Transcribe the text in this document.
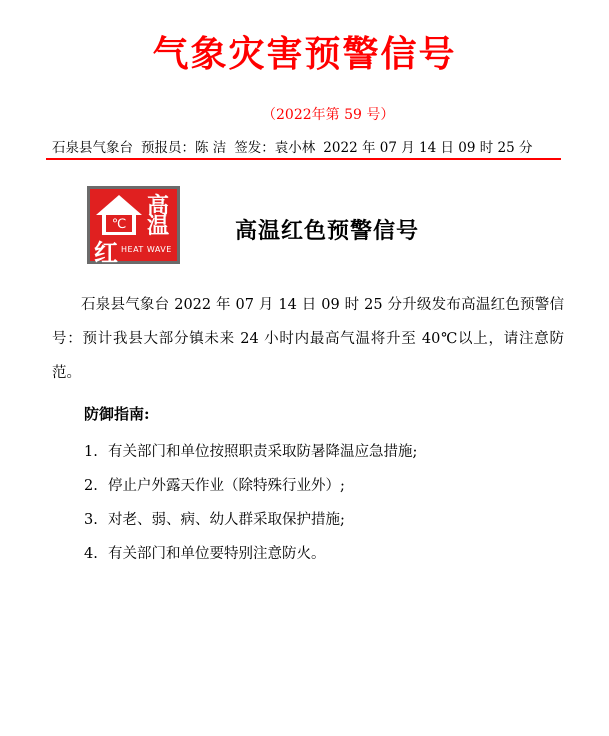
气象灾害预警信号
（2022年第 59 号）
石泉县气象台 预报员：陈 洁 签发：袁小林 2022 年 07 月 14 日 09 时 25 分
℃
高
温
红 HEAT WAVE
高温红色预警信号

石泉县气象台 2022 年 07 月 14 日 09 时 25 分升级发布高温红色预警信号：预计我县大部分镇未来 24 小时内最高气温将升至 40℃以上，请注意防范。

防御指南:
1. 有关部门和单位按照职责采取防暑降温应急措施;
2. 停止户外露天作业（除特殊行业外）;
3. 对老、弱、病、幼人群采取保护措施;
4. 有关部门和单位要特别注意防火。
